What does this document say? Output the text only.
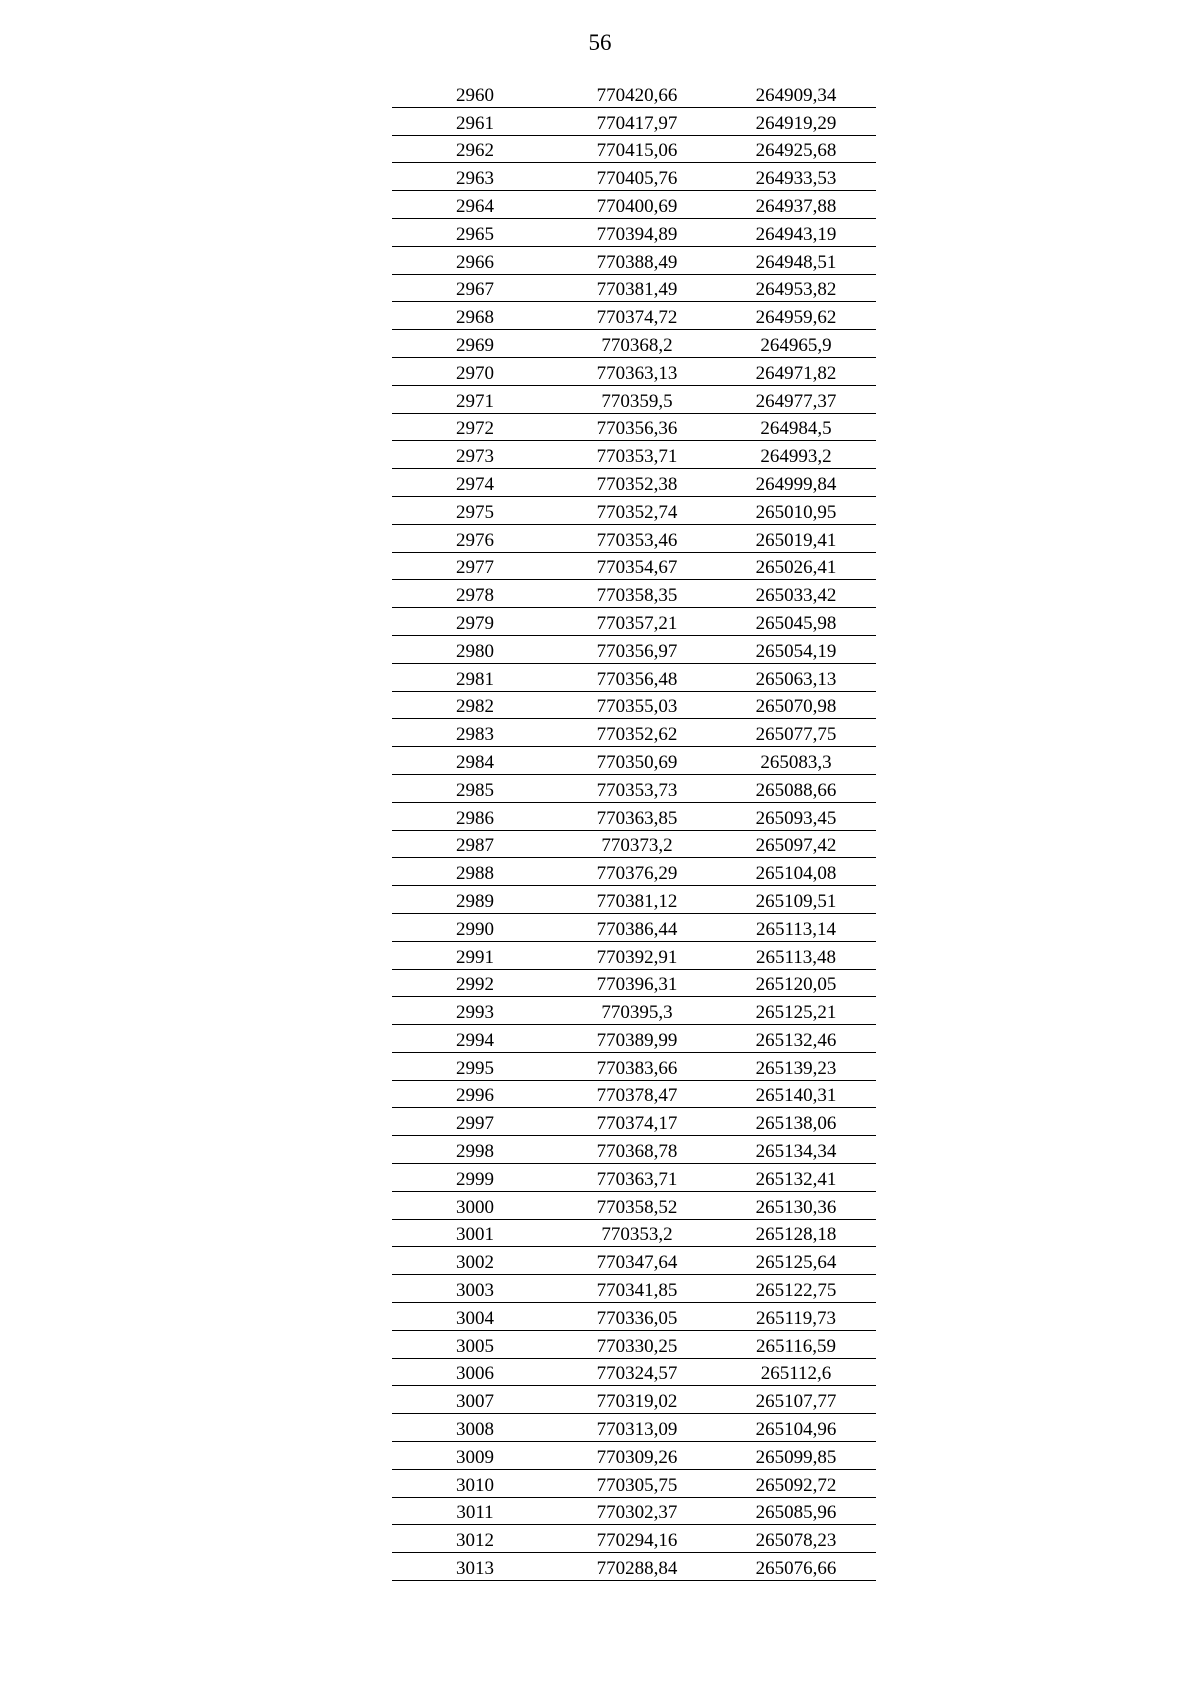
56
2960	770420,66	264909,34
2961	770417,97	264919,29
2962	770415,06	264925,68
2963	770405,76	264933,53
2964	770400,69	264937,88
2965	770394,89	264943,19
2966	770388,49	264948,51
2967	770381,49	264953,82
2968	770374,72	264959,62
2969	770368,2	264965,9
2970	770363,13	264971,82
2971	770359,5	264977,37
2972	770356,36	264984,5
2973	770353,71	264993,2
2974	770352,38	264999,84
2975	770352,74	265010,95
2976	770353,46	265019,41
2977	770354,67	265026,41
2978	770358,35	265033,42
2979	770357,21	265045,98
2980	770356,97	265054,19
2981	770356,48	265063,13
2982	770355,03	265070,98
2983	770352,62	265077,75
2984	770350,69	265083,3
2985	770353,73	265088,66
2986	770363,85	265093,45
2987	770373,2	265097,42
2988	770376,29	265104,08
2989	770381,12	265109,51
2990	770386,44	265113,14
2991	770392,91	265113,48
2992	770396,31	265120,05
2993	770395,3	265125,21
2994	770389,99	265132,46
2995	770383,66	265139,23
2996	770378,47	265140,31
2997	770374,17	265138,06
2998	770368,78	265134,34
2999	770363,71	265132,41
3000	770358,52	265130,36
3001	770353,2	265128,18
3002	770347,64	265125,64
3003	770341,85	265122,75
3004	770336,05	265119,73
3005	770330,25	265116,59
3006	770324,57	265112,6
3007	770319,02	265107,77
3008	770313,09	265104,96
3009	770309,26	265099,85
3010	770305,75	265092,72
3011	770302,37	265085,96
3012	770294,16	265078,23
3013	770288,84	265076,66
